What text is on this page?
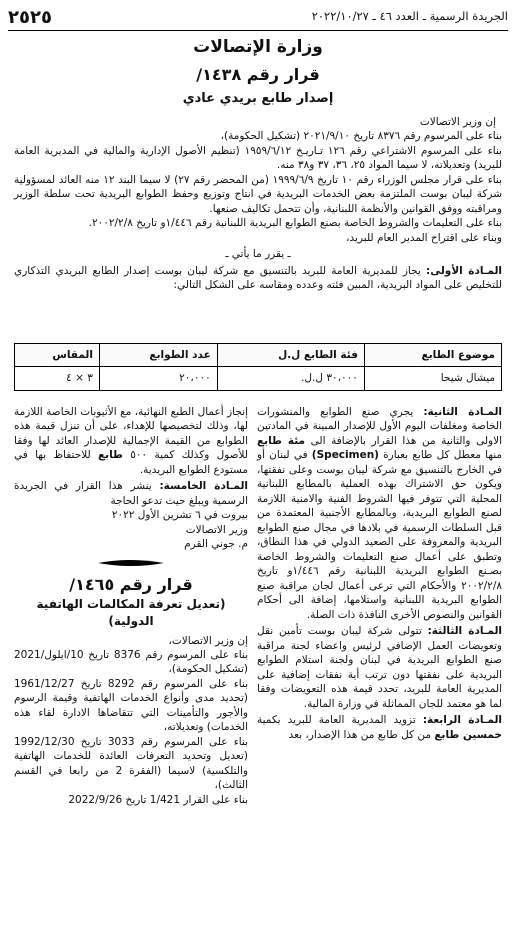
٢٥٢٥	الجريدة الرسمية ـ العدد ٤٦ ـ ٢٠٢٢/١٠/٢٧
وزارة الإتصالات
قرار رقم ١٤٣٨/
إصدار طابع بريدي عادي

إن وزير الاتصالات

بناء على المرسوم رقم ٨٣٧٦ تاريخ ٢٠٢١/٩/١٠ (تشكيل الحكومة)،

بناء على المرسوم الاشتراعي رقم ١٢٦ تـاريـخ ١٩٥٩/٦/١٢ (تنظيم الأصول الإدارية والمالية في المديرية العامة للبريد) وتعديلاته، لا سيما المواد ٢٥، ٣٦، ٣٧ و٣٨ منه.

بناء على قرار مجلس الوزراء رقم ١٠ تاريخ ١٩٩٩/٦/٩ (من المحضر رقم ٢٧) لا سيما البند ١٢ منه العائد لمسؤولية شركة ليبان بوست الملتزمة بعض الخدمات البريدية في انتاج وتوزيع وحفظ الطوابع البريدية تحت سلطة الوزير ومراقبته ووفق القوانين والأنظمة اللبنانية، وأن تتحمل تكاليف صنعها.

بناء على التعليمات والشروط الخاصة بصنع الطوابع البريدية اللبنانية رقم ١/٤٤٦و تاريخ ٢٠٠٢/٢/٨.

وبناء على اقتراح المدير العام للبريد،

ـ يقرر ما يأتي ـ

المـادة الأولى: يجاز للمديرية العامة للبريد بالتنسيق مع شركة ليبان بوست إصدار الطابع البريدي التذكاري للتخليص على المواد البريدية، المبين فئته وعدده ومقاسه على الشكل التالي:

موضوع الطابع	فئة الطابع ل.ل	عدد الطوابع	المقاس
ميشال شيحا	٣٠،٠٠٠ ل.ل.	٢٠،٠٠٠	٣ × ٤

المـادة الثانية: يجري صنع الطوابع والمنشورات الخاصة ومغلفات اليوم الأول للإصدار المبينة في المادتين الاولى والثانية من هذا القرار بالإضافة الى مئة طابع منها معطل كل طابع بعبارة (Specimen) في لبنان أو في الخارج بالتنسيق مع شركة ليبان بوست وعلى نفقتها، ويكون حق الاشتراك بهذه العملية بالمطابع اللبنانية المحلية التي تتوفر فيها الشروط الفنية والامنية اللازمة لصنع الطوابع البريدية، وبالمطابع الأجنبية المعتمدة من قبل السلطات الرسمية في بلادها في مجال صنع الطوابع البريدية والمعروفة على الصعيد الدولي في هذا النطاق، وتطبق على أعمال صنع التعليمات والشروط الخاصة بصـنع الطوابع البريدية اللبنانية رقم ١/٤٤٦و تاريخ ٢٠٠٢/٢/٨ والأحكام التي ترعى أعمال لجان مراقبة صنع الطوابع البريدية اللبنانية واستلامها، إضافة الى أحكام القوانين والنصوص الأخرى النافذة ذات الصلة.

المـادة الثالثة: تتولى شركة ليبان بوست تأمين نقل وتعويضات العمل الإضافي لرئيس واعضاء لجنة مراقبة صنع الطوابع البريدية في لبنان ولجنة استلام الطوابع البريدية على نفقتها دون ترتب أية نفقات إضافية على المديرية العامة للبريد، تحدد قيمة هذه التعويضات وفقا لما هو معتمد للجان المماثلة في وزارة المالية.

المـادة الرابعة: تزويد المديرية العامة للبريد بكمية خمسين طابع من كل طابع من هذا الإصدار، بعد

إنجاز أعمال الطبع النهائية، مع الأثيوبات الخاصة اللازمة لها، وذلك لتخصيصها للإهداء، على أن تنزل قيمة هذه الطوابع من القيمة الإجمالية للإصدار العائد لها وفقا للأصول وكذلك كمية ٥٠٠ طابع للاحتفاظ بها في مستودع الطوابع البريدية.

المـادة الخامسة: ينشر هذا القرار في الجريدة الرسمية ويبلغ حيث تدعو الحاجة

بيروت في ٦ تشرين الأول ٢٠٢٢

وزير الاتصالات

م. جوني القرم

قرار رقم ١٤٦٥/
(تعديل تعرفة المكالمات الهاتفية الدولية)

إن وزير الاتصالات،

بناء على المرسوم رقم 8376 تاريخ 10/ايلول/2021 (تشكيل الحكومة)،

بناء على المرسوم رقم 8292 تاريخ 1961/12/27 (تحديد مدى وأنواع الخدمات الهاتفية وقيمة الرسوم والأجور والتأمينات التي تتقاضاها الادارة لقاء هذه الخدمات) وتعديلاته،

بناء على المرسوم رقم 3033 تاريخ 1992/12/30 (تعديل وتحديد التعرفات العائدة للخدمات الهاتفية والتلكسية) لاسيما (الفقرة 2 من رابعا في القسم الثالث)،

بناء على القرار 1/421 تاريخ 2022/9/26
